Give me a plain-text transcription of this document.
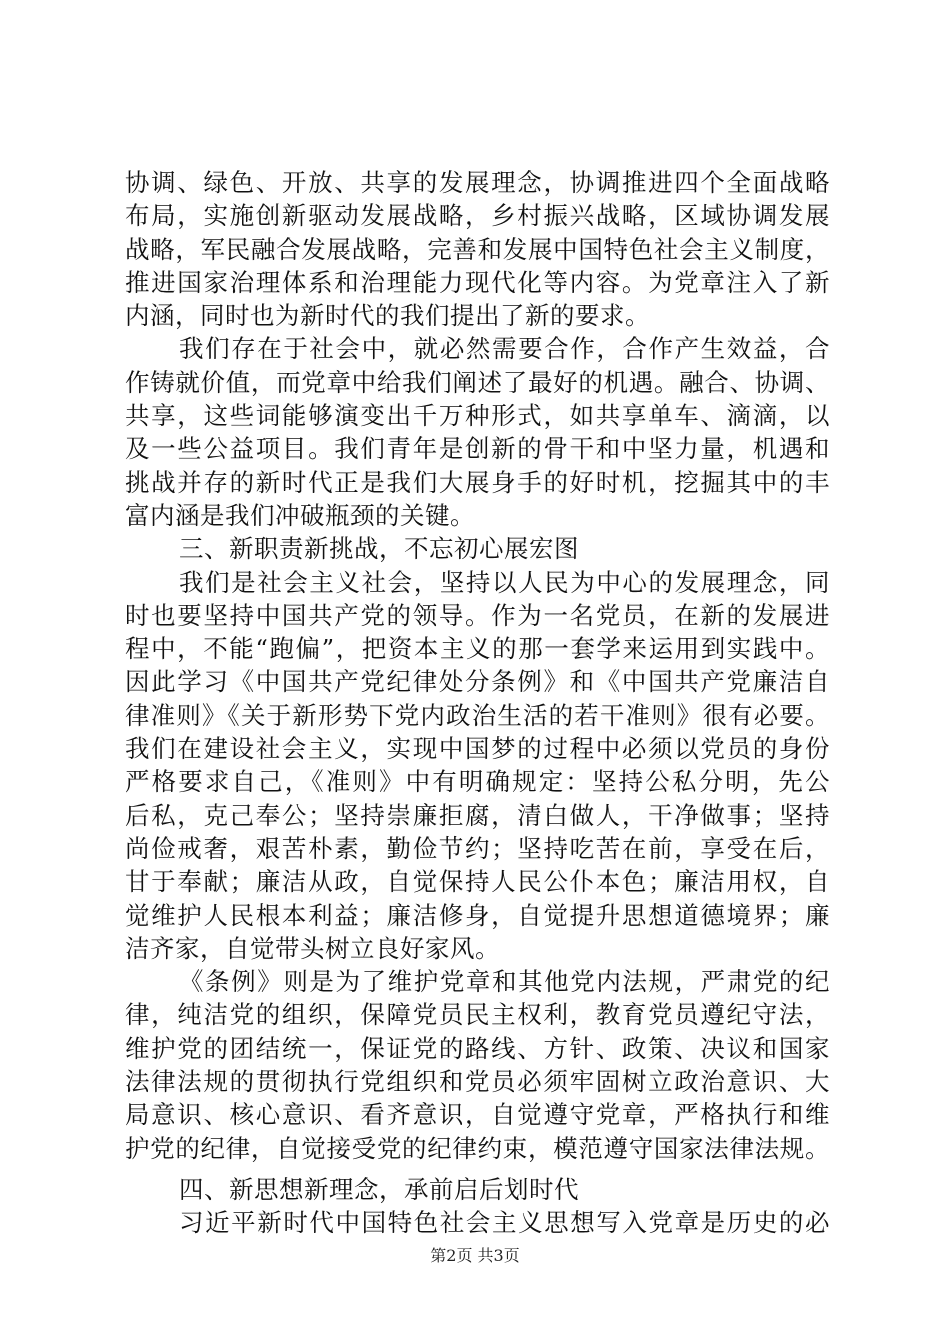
协调、绿色、开放、共享的发展理念，协调推进四个全面战略
布局，实施创新驱动发展战略，乡村振兴战略，区域协调发展
战略，军民融合发展战略，完善和发展中国特色社会主义制度，
推进国家治理体系和治理能力现代化等内容。为党章注入了新
内涵，同时也为新时代的我们提出了新的要求。
我们存在于社会中，就必然需要合作，合作产生效益，合
作铸就价值，而党章中给我们阐述了最好的机遇。融合、协调、
共享，这些词能够演变出千万种形式，如共享单车、滴滴，以
及一些公益项目。我们青年是创新的骨干和中坚力量，机遇和
挑战并存的新时代正是我们大展身手的好时机，挖掘其中的丰
富内涵是我们冲破瓶颈的关键。
三、新职责新挑战，不忘初心展宏图
我们是社会主义社会，坚持以人民为中心的发展理念，同
时也要坚持中国共产党的领导。作为一名党员，在新的发展进
程中，不能“跑偏”，把资本主义的那一套学来运用到实践中。
因此学习《中国共产党纪律处分条例》和《中国共产党廉洁自
律准则》《关于新形势下党内政治生活的若干准则》很有必要。
我们在建设社会主义，实现中国梦的过程中必须以党员的身份
严格要求自己，《准则》中有明确规定：坚持公私分明，先公
后私，克己奉公；坚持崇廉拒腐，清白做人，干净做事；坚持
尚俭戒奢，艰苦朴素，勤俭节约；坚持吃苦在前，享受在后，
甘于奉献；廉洁从政，自觉保持人民公仆本色；廉洁用权，自
觉维护人民根本利益；廉洁修身，自觉提升思想道德境界；廉
洁齐家，自觉带头树立良好家风。
《条例》则是为了维护党章和其他党内法规，严肃党的纪
律，纯洁党的组织，保障党员民主权利，教育党员遵纪守法，
维护党的团结统一，保证党的路线、方针、政策、决议和国家
法律法规的贯彻执行党组织和党员必须牢固树立政治意识、大
局意识、核心意识、看齐意识，自觉遵守党章，严格执行和维
护党的纪律，自觉接受党的纪律约束，模范遵守国家法律法规。
四、新思想新理念，承前启后划时代
习近平新时代中国特色社会主义思想写入党章是历史的必
第2页 共3页
